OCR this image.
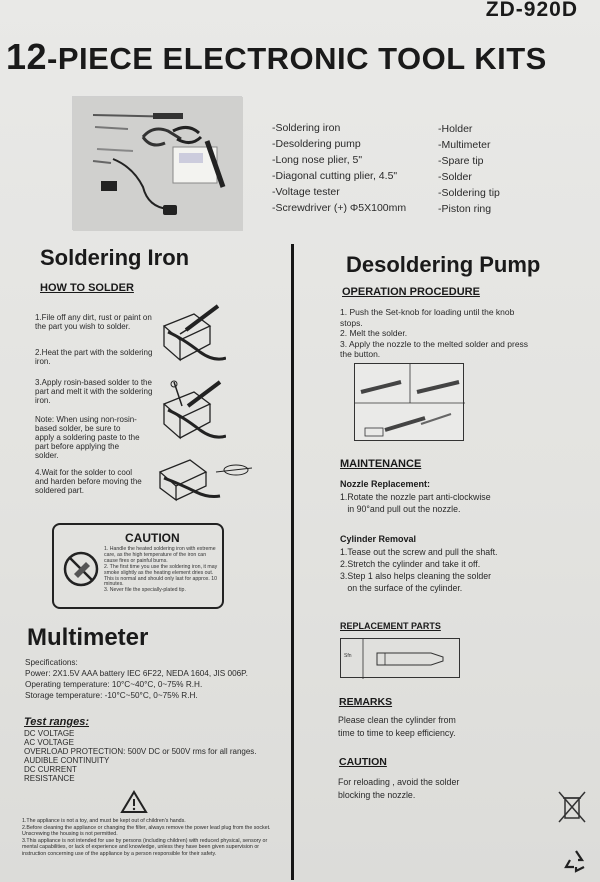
ZD-920D
12-PIECE ELECTRONIC TOOL KITS
-Soldering iron
-Desoldering pump
-Long nose plier, 5"
-Diagonal cutting plier, 4.5"
-Voltage tester
-Screwdriver (+) Φ5X100mm
-Holder
-Multimeter
-Spare tip
-Solder
-Soldering tip
-Piston ring
Soldering Iron
HOW TO SOLDER
1.File off any dirt, rust or paint on the part you wish to solder.
2.Heat the part with the soldering iron.
3.Apply rosin-based solder to the part and melt it with the soldering iron.
Note: When using non-rosin-based solder, be sure to apply a soldering paste to the part before applying the solder.
4.Wait for the solder to cool and harden before moving the soldered part.
CAUTION
1. Handle the heated soldering iron with extreme care, as the high temperature of the iron can cause fires or painful burns.
2. The first time you use the soldering iron, it may smoke slightly as the heating element dries out. This is normal and should only last for approx. 10 minutes.
3. Never file the specially-plated tip.
Multimeter
Specifications:
Power: 2X1.5V AAA battery IEC 6F22, NEDA 1604, JIS 006P.
Operating temperature: 10°C~40°C, 0~75% R.H.
Storage temperature: -10°C~50°C, 0~75% R.H.
Test ranges:
DC VOLTAGE
AC VOLTAGE
OVERLOAD PROTECTION: 500V DC or 500V rms for all ranges.
AUDIBLE CONTINUITY
DC CURRENT
RESISTANCE
1.The appliance is not a toy, and must be kept out of children's hands.
2.Before cleaning the appliance or changing the filter, always remove the power lead plug from the socket. Unscrewing the housing is not permitted.
3.This appliance is not intended for use by persons (including children) with reduced physical, sensory or mental capabilities, or lack of experience and knowledge, unless they have been given supervision or instruction concerning use of the appliance by a person responsible for their safety.
Desoldering Pump
OPERATION PROCEDURE
1. Push the Set-knob for loading until the knob stops.
2. Melt the solder.
3. Apply the nozzle to the melted solder and press the button.
MAINTENANCE
Nozzle Replacement:
1.Rotate the nozzle part anti-clockwise
in 90°and pull out the nozzle.
Cylinder Removal
1.Tease out the screw and pull the shaft.
2.Stretch the cylinder and take it off.
3.Step 1 also helps cleaning the solder
on the surface of the cylinder.
REPLACEMENT PARTS
Sfn
REMARKS
Please clean the cylinder from
time to time to keep efficiency.
CAUTION
For reloading , avoid the solder
blocking the nozzle.
